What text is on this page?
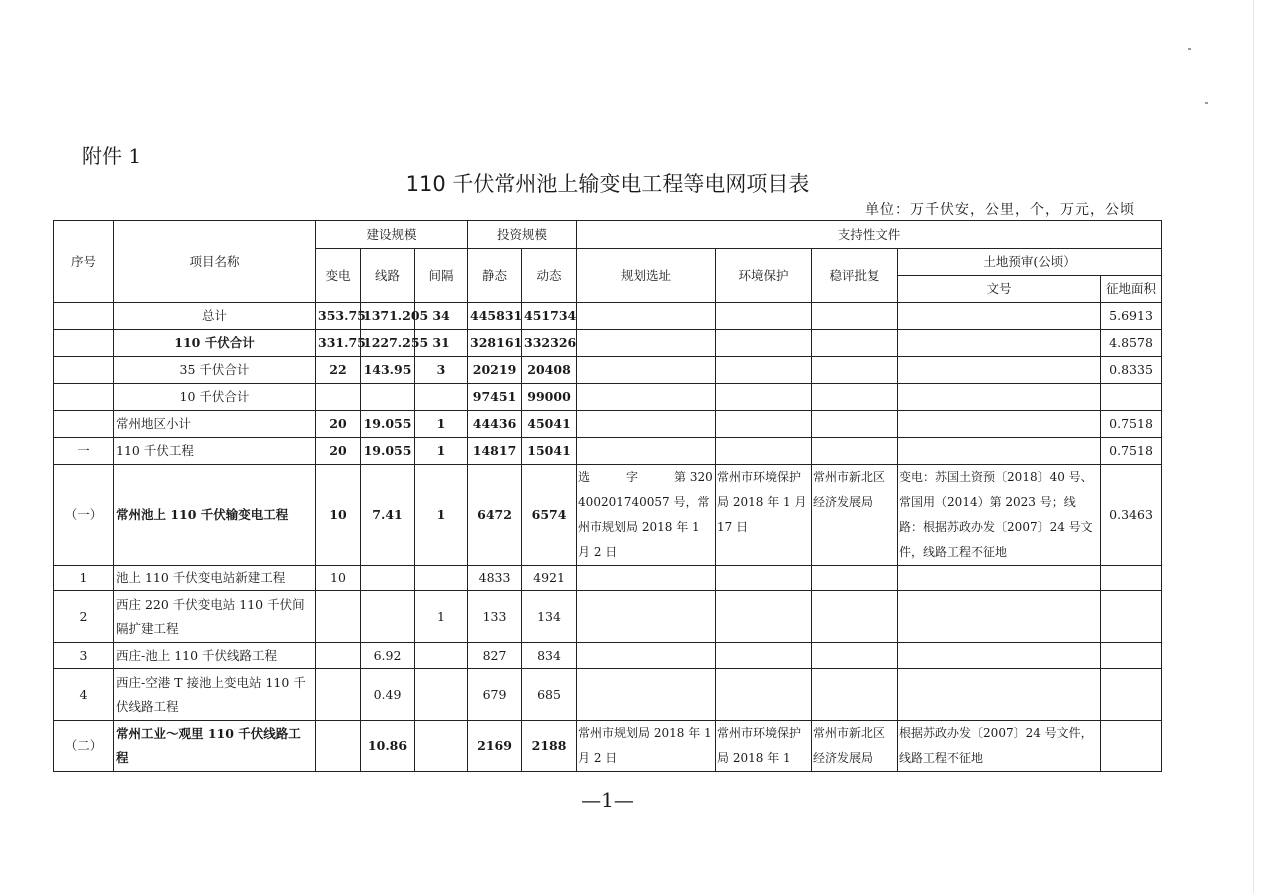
附件 1
110 千伏常州池上输变电工程等电网项目表
单位：万千伏安，公里，个，万元，公顷
序号	项目名称	建设规模			投资规模		支持性文件				
		变电	线路	间隔	静态	动态	规划选址	环境保护	稳评批复	土地预审(公顷）	
										文号	征地面积
	总计	353.75	1371.205	34	445831	451734					5.6913
	110 千伏合计	331.75	1227.255	31	328161	332326					4.8578
	35 千伏合计	22	143.95	3	20219	20408					0.8335
	10 千伏合计				97451	99000					
	常州地区小计	20	19.055	1	44436	45041					0.7518
一	110 千伏工程	20	19.055	1	14817	15041					0.7518
（一）	常州池上 110 千伏输变电工程	10	7.41	1	6472	6574	选　　　字　　　第 320400201740057 号，常州市规划局 2018 年 1 月 2 日	常州市环境保护局 2018 年 1 月 17 日	常州市新北区经济发展局	变电：苏国土资预〔2018〕40 号、常国用（2014）第 2023 号；线路：根据苏政办发〔2007〕24 号文件，线路工程不征地	0.3463
1	池上 110 千伏变电站新建工程	10			4833	4921					
2	西庄 220 千伏变电站 110 千伏间隔扩建工程			1	133	134					
3	西庄-池上 110 千伏线路工程		6.92		827	834					
4	西庄-空港 T 接池上变电站 110 千伏线路工程		0.49		679	685					
（二）	常州工业～观里 110 千伏线路工程		10.86		2169	2188	常州市规划局 2018 年 1 月 2 日	常州市环境保护局 2018 年 1	常州市新北区经济发展局	根据苏政办发〔2007〕24 号文件，线路工程不征地	
—1—
